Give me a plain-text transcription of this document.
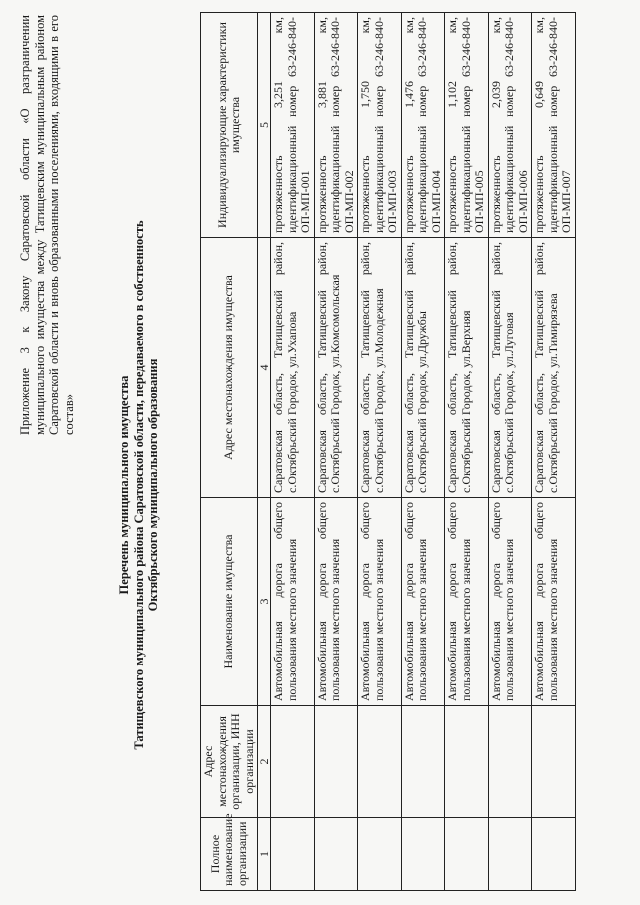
Приложение 3 к Закону Саратовской области «О разграничении муниципального имущества между Татищевским муниципальным районом Саратовской области и вновь образованными поселениями, входящими в его состав»	Перечень муниципального имущества Татищевского муниципального района Саратовской области, передаваемого в собственность Октябрьского муниципального образования
Полное наименование организации	Адрес местонахождения организации, ИНН организации	Наименование имущества	Адрес местонахождения имущества	Индивидуализирующие характеристики имущества
1	2	3	4	5
		Автомобильная дорога общего пользования местного значения	Саратовская область, Татищевский район, с.Октябрьский Городок, ул.Ухапова	протяженность 3,251 км, идентификационный номер 63-246-840-ОП-МП-001
		Автомобильная дорога общего пользования местного значения	Саратовская область, Татищевский район, с.Октябрьский Городок, ул.Комсомольская	протяженность 3,881 км, идентификационный номер 63-246-840-ОП-МП-002
		Автомобильная дорога общего пользования местного значения	Саратовская область, Татищевский район, с.Октябрьский Городок, ул.Молодежная	протяженность 1,750 км, идентификационный номер 63-246-840-ОП-МП-003
		Автомобильная дорога общего пользования местного значения	Саратовская область, Татищевский район, с.Октябрьский Городок, ул.Дружбы	протяженность 1,476 км, идентификационный номер 63-246-840-ОП-МП-004
		Автомобильная дорога общего пользования местного значения	Саратовская область, Татищевский район, с.Октябрьский Городок, ул.Верхняя	протяженность 1,102 км, идентификационный номер 63-246-840-ОП-МП-005
		Автомобильная дорога общего пользования местного значения	Саратовская область, Татищевский район, с.Октябрьский Городок, ул.Луговая	протяженность 2,039 км, идентификационный номер 63-246-840-ОП-МП-006
		Автомобильная дорога общего пользования местного значения	Саратовская область, Татищевский район, с.Октябрьский Городок, ул.Тимирязева	протяженность 0,649 км, идентификационный номер 63-246-840-ОП-МП-007
